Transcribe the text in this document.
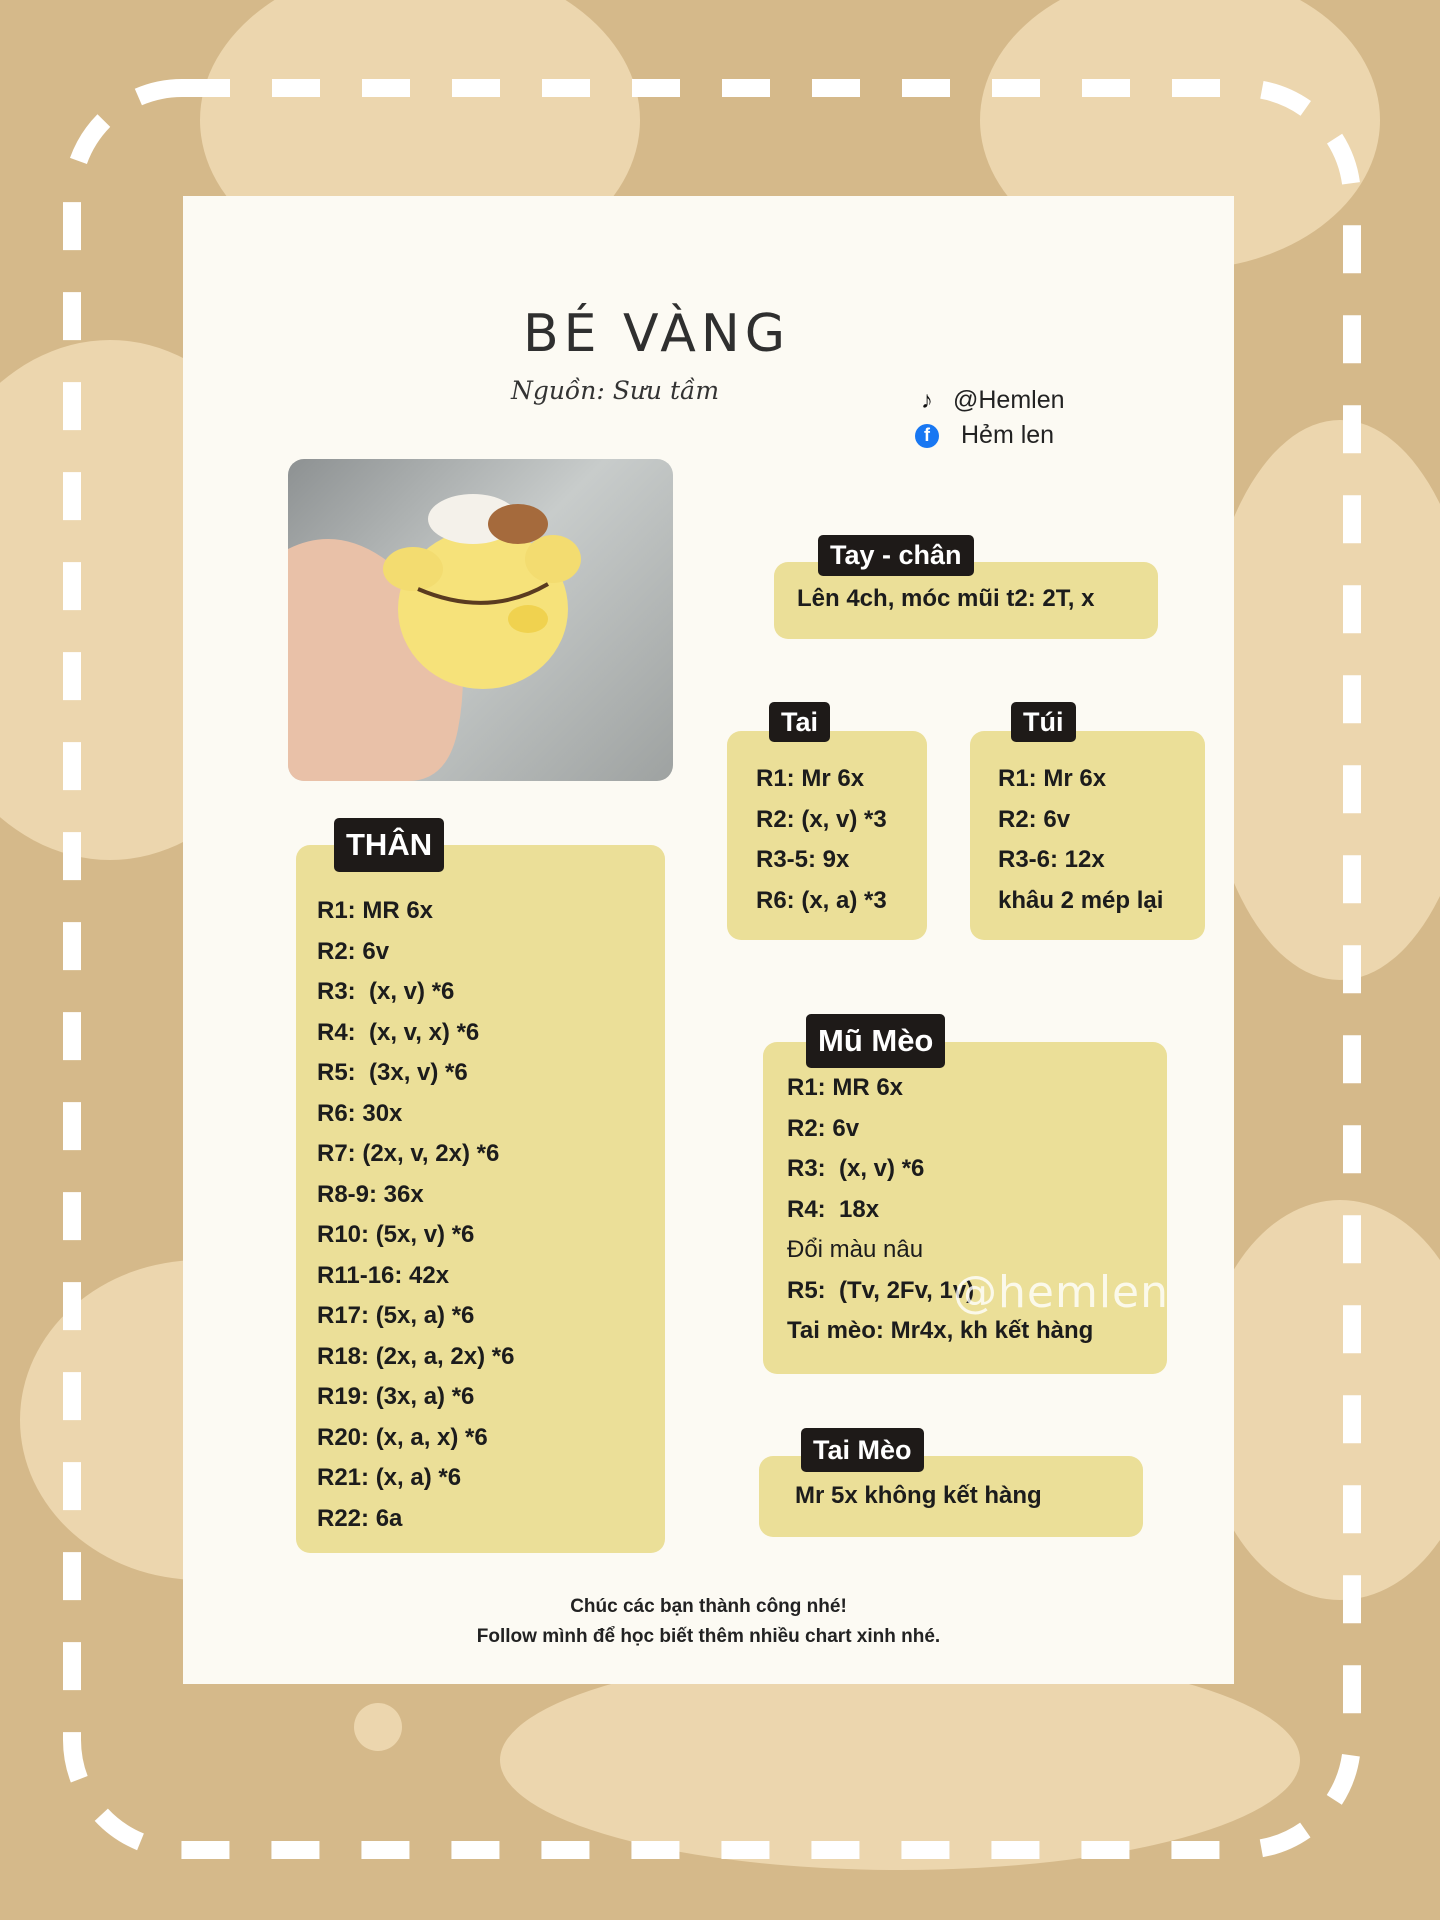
BÉ VÀNG
Nguồn: Sưu tầm	♪ @Hemlen
f	Hẻm len
Lên 4ch, móc mũi t2: 2T, x
Tay - chân
R1: Mr 6x
R2: (x, v) *3
R3-5: 9x
R6: (x, a) *3
Tai
R1: Mr 6x
R2: 6v
R3-6: 12x
khâu 2 mép lại
Túi
R1: MR 6x
R2: 6v
R3:  (x, v) *6
R4:  (x, v, x) *6
R5:  (3x, v) *6
R6: 30x
R7: (2x, v, 2x) *6
R8-9: 36x
R10: (5x, v) *6
R11-16: 42x
R17: (5x, a) *6
R18: (2x, a, 2x) *6
R19: (3x, a) *6
R20: (x, a, x) *6
R21: (x, a) *6
R22: 6a
THÂN
R1: MR 6x
R2: 6v
R3:  (x, v) *6
R4:  18x
Đổi màu nâu
R5:  (Tv, 2Fv, 1v)
Tai mèo: Mr4x, kh kết hàng
@hemlen
Mũ Mèo
Mr 5x không kết hàng
Tai Mèo
Chúc các bạn thành công nhé!
Follow mình để học biết thêm nhiều chart xinh nhé.
